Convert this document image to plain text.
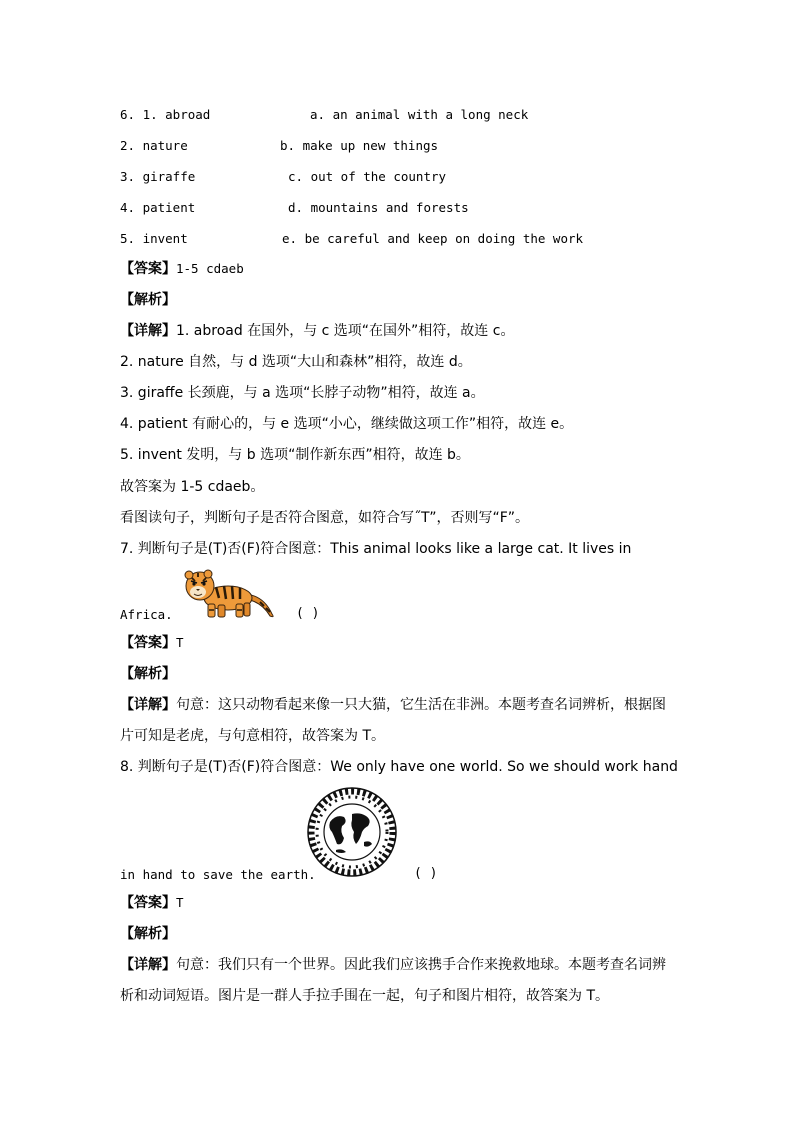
6. 1. abroad	a. an animal with a long neck
2. nature	b. make up new things
3. giraffe	c. out of the country
4. patient	d. mountains and forests
5. invent	e. be careful and keep on doing the work
【答案】1-5 cdaeb
【解析】
【详解】1. abroad 在国外，与 c 选项“在国外”相符，故连 c。
2. nature 自然，与 d 选项“大山和森林”相符，故连 d。
3. giraffe 长颈鹿，与 a 选项“长脖子动物”相符，故连 a。
4. patient 有耐心的，与 e 选项“小心，继续做这项工作”相符，故连 e。
5. invent 发明，与 b 选项“制作新东西”相符，故连 b。
故答案为 1-5 cdaeb。
看图读句子，判断句子是否符合图意，如符合写˝T”，否则写“F”。
7. 判断句子是(T)否(F)符合图意：This animal looks like a large cat. It lives in
Africa.	( )
【答案】T
【解析】
【详解】句意：这只动物看起来像一只大猫，它生活在非洲。本题考查名词辨析，根据图
片可知是老虎，与句意相符，故答案为 T。
8. 判断句子是(T)否(F)符合图意：We only have one world. So we should work hand
in hand to save the earth.	( )
【答案】T
【解析】
【详解】句意：我们只有一个世界。因此我们应该携手合作来挽救地球。本题考查名词辨
析和动词短语。图片是一群人手拉手围在一起，句子和图片相符，故答案为 T。
